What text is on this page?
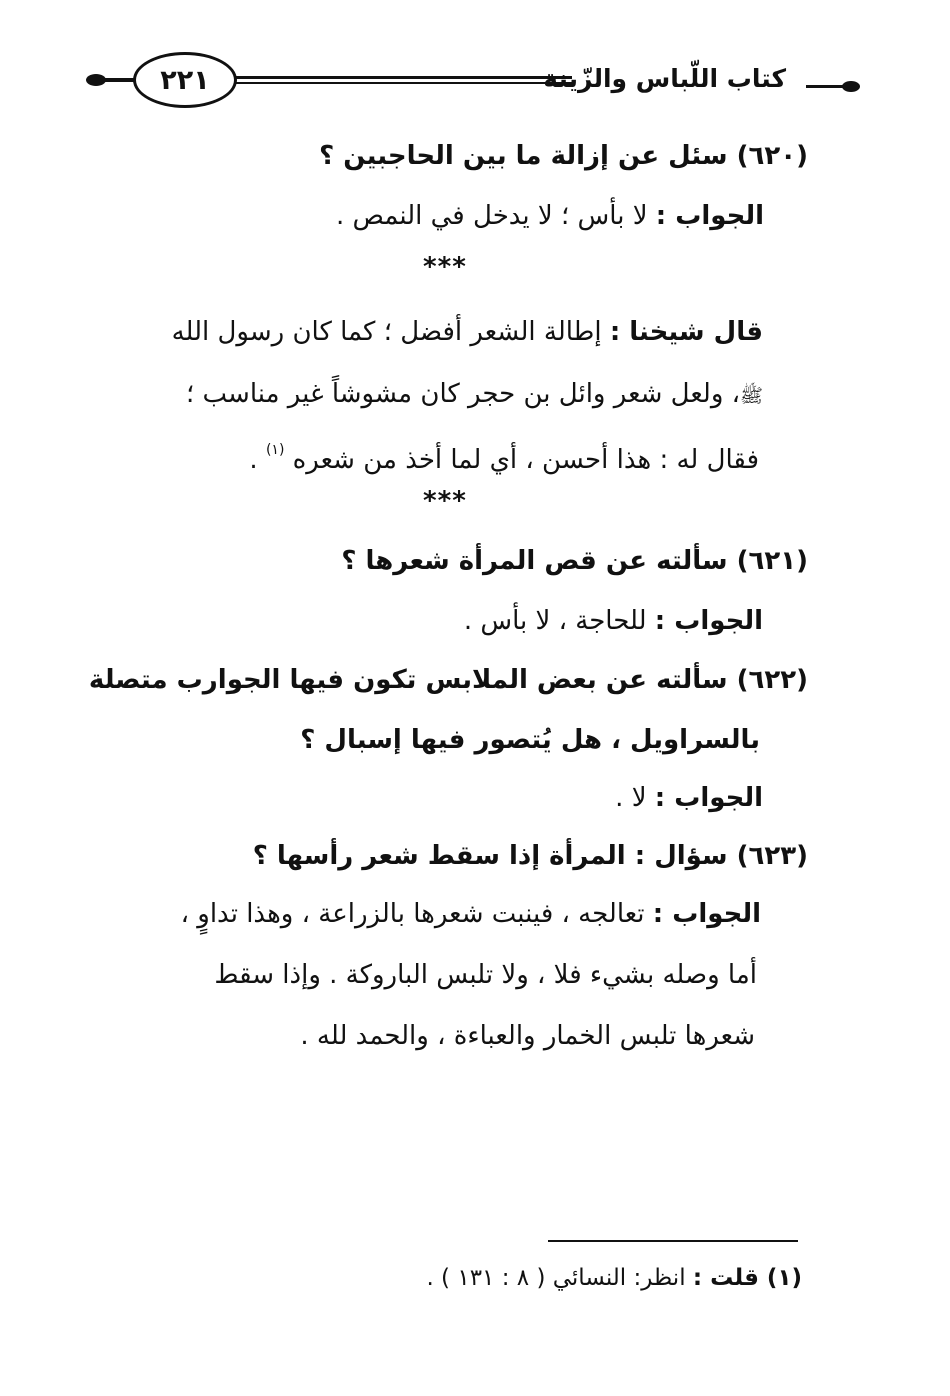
٢٢١	كتاب اللّباس والزّينة
(٦٢٠) سئل عن إزالة ما بين الحاجبين ؟
الجواب : لا بأس ؛ لا يدخل في النمص .
***
قال شيخنا : إطالة الشعر أفضل ؛ كما كان رسول الله
ﷺ، ولعل شعر وائل بن حجر كان مشوشاً غير مناسب ؛
فقال له : هذا أحسن ، أي لما أخذ من شعره $^{(١)}$ .
***
(٦٢١) سألته عن قص المرأة شعرها ؟
الجواب : للحاجة ، لا بأس .
(٦٢٢) سألته عن بعض الملابس تكون فيها الجوارب متصلة
بالسراويل ، هل يُتصور فيها إسبال ؟
الجواب : لا .
(٦٢٣) سؤال : المرأة إذا سقط شعر رأسها ؟
الجواب : تعالجه ، فينبت شعرها بالزراعة ، وهذا تداوٍ ،
أما وصله بشيء فلا ، ولا تلبس الباروكة . وإذا سقط
شعرها تلبس الخمار والعباءة ، والحمد لله .
(١) قلت : انظر: النسائي ( ٨ : ١٣١ ) .
